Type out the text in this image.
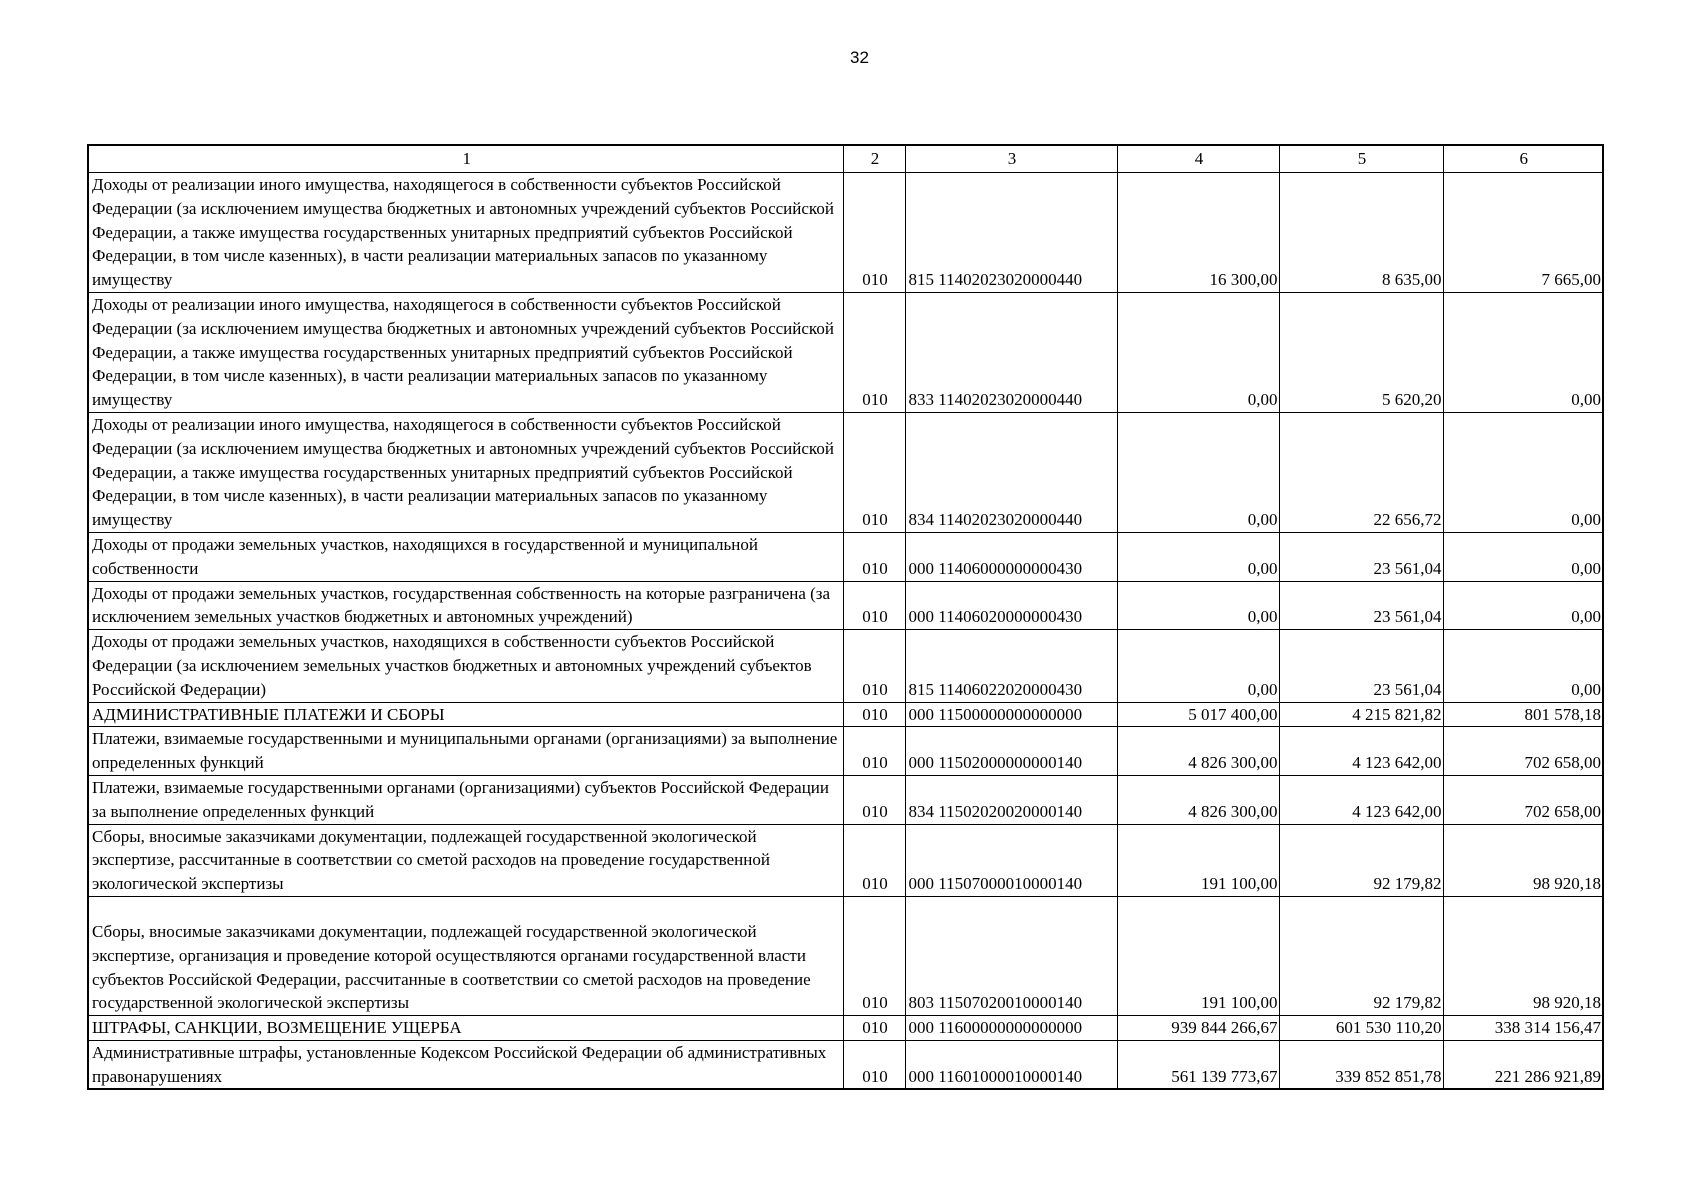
32
1	2	3	4	5	6
Доходы от реализации иного имущества, находящегося в собственности субъектов Российской Федерации (за исключением имущества бюджетных и автономных учреждений субъектов Российской Федерации, а также имущества государственных унитарных предприятий субъектов Российской Федерации, в том числе казенных), в части реализации материальных запасов по указанному имуществу	010	815 11402023020000440	16 300,00	8 635,00	7 665,00
Доходы от реализации иного имущества, находящегося в собственности субъектов Российской Федерации (за исключением имущества бюджетных и автономных учреждений субъектов Российской Федерации, а также имущества государственных унитарных предприятий субъектов Российской Федерации, в том числе казенных), в части реализации материальных запасов по указанному имуществу	010	833 11402023020000440	0,00	5 620,20	0,00
Доходы от реализации иного имущества, находящегося в собственности субъектов Российской Федерации (за исключением имущества бюджетных и автономных учреждений субъектов Российской Федерации, а также имущества государственных унитарных предприятий субъектов Российской Федерации, в том числе казенных), в части реализации материальных запасов по указанному имуществу	010	834 11402023020000440	0,00	22 656,72	0,00
Доходы от продажи земельных участков, находящихся в государственной и муниципальной собственности	010	000 11406000000000430	0,00	23 561,04	0,00
Доходы от продажи земельных участков, государственная собственность на которые разграничена (за исключением земельных участков бюджетных и автономных учреждений)	010	000 11406020000000430	0,00	23 561,04	0,00
Доходы от продажи земельных участков, находящихся в собственности субъектов Российской Федерации (за исключением земельных участков бюджетных и автономных учреждений субъектов Российской Федерации)	010	815 11406022020000430	0,00	23 561,04	0,00
АДМИНИСТРАТИВНЫЕ ПЛАТЕЖИ И СБОРЫ	010	000 11500000000000000	5 017 400,00	4 215 821,82	801 578,18
Платежи, взимаемые государственными и муниципальными органами (организациями) за выполнение определенных функций	010	000 11502000000000140	4 826 300,00	4 123 642,00	702 658,00
Платежи, взимаемые государственными органами (организациями) субъектов Российской Федерации за выполнение определенных функций	010	834 11502020020000140	4 826 300,00	4 123 642,00	702 658,00
Сборы, вносимые заказчиками документации, подлежащей государственной экологической экспертизе, рассчитанные в соответствии со сметой расходов на проведение государственной экологической экспертизы	010	000 11507000010000140	191 100,00	92 179,82	98 920,18

Сборы, вносимые заказчиками документации, подлежащей государственной экологической экспертизе, организация и проведение которой осуществляются органами государственной власти субъектов Российской Федерации, рассчитанные в соответствии со сметой расходов на проведение государственной экологической экспертизы	010	803 11507020010000140	191 100,00	92 179,82	98 920,18
ШТРАФЫ, САНКЦИИ, ВОЗМЕЩЕНИЕ УЩЕРБА	010	000 11600000000000000	939 844 266,67	601 530 110,20	338 314 156,47
Административные штрафы, установленные Кодексом Российской Федерации об административных правонарушениях	010	000 11601000010000140	561 139 773,67	339 852 851,78	221 286 921,89
